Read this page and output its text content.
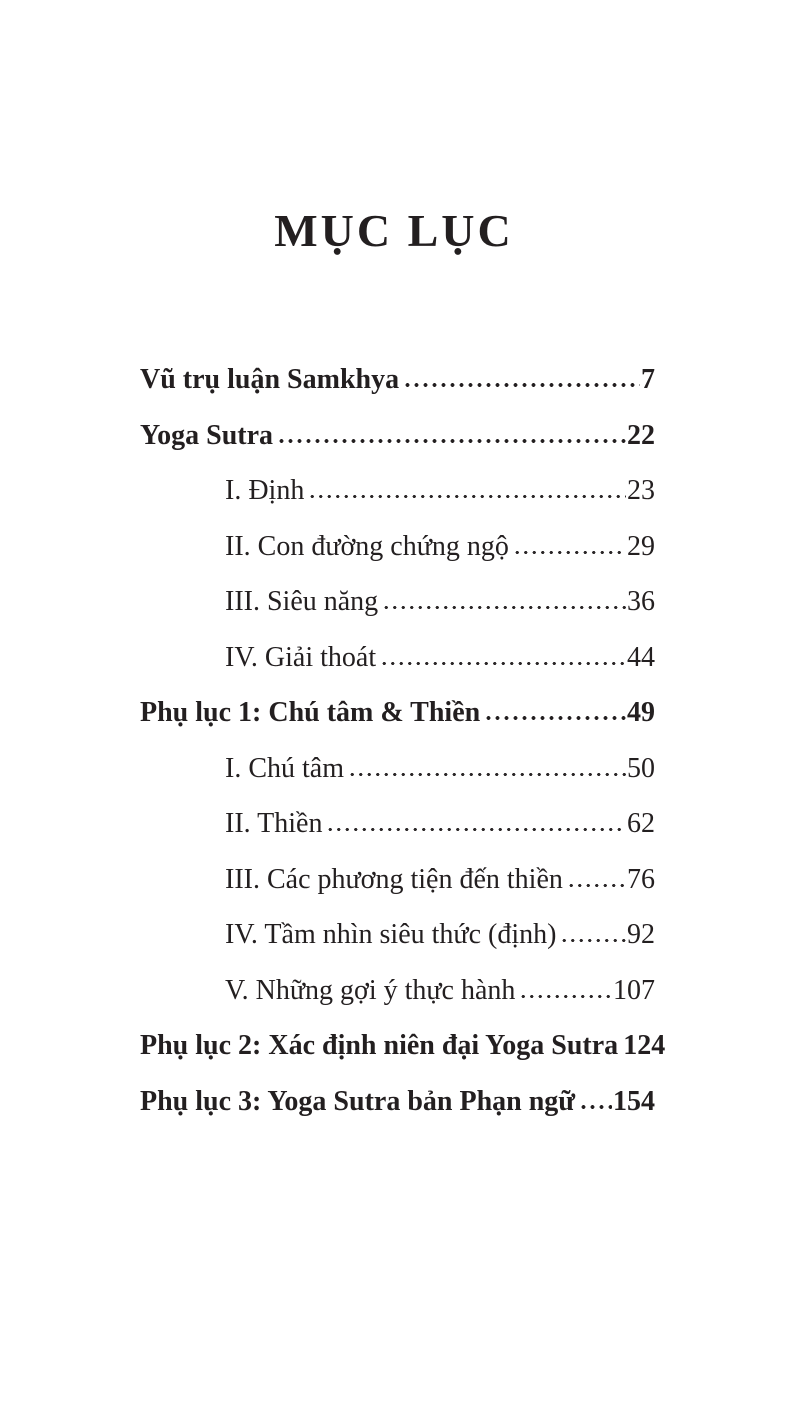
MỤC LỤC
Vũ trụ luận Samkhya	7
Yoga Sutra	22
I. Định	23
II. Con đường chứng ngộ	29
III. Siêu năng	36
IV. Giải thoát	44
Phụ lục 1: Chú tâm & Thiền	49
I. Chú tâm	50
II. Thiền	62
III. Các phương tiện đến thiền 76
IV. Tầm nhìn siêu thức (định)	92
V. Những gợi ý thực hành	107
Phụ lục 2: Xác định niên đại Yoga Sutra 124
Phụ lục 3: Yoga Sutra bản Phạn ngữ 154
